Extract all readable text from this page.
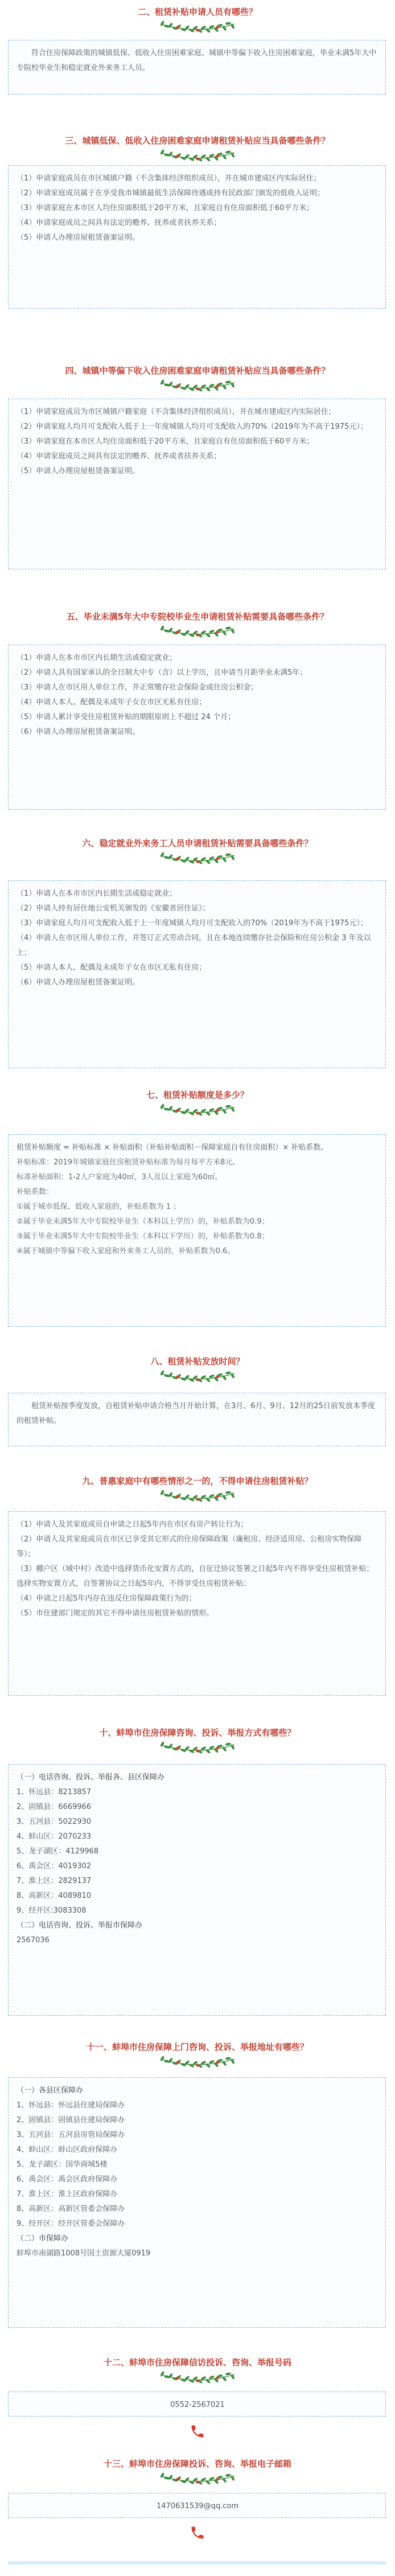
二、租赁补贴申请人员有哪些？

符合住房保障政策的城镇低保、低收入住房困难家庭、城镇中等偏下收入住房困难家庭，毕业未满5年大中专院校毕业生和稳定就业外来务工人员。

三、城镇低保、低收入住房困难家庭申请租赁补贴应当具备哪些条件？

（1）申请家庭成员在市区城镇户籍（不含集体经济组织成员），并在城市建成区内实际居住；

（2）申请家庭成员属于在享受我市城镇最低生活保障待遇或持有民政部门颁发的低收入证明；

（3）申请家庭在本市区人均住房面积低于20平方米，且家庭自有住房面积低于60平方米；

（4）申请家庭成员之间具有法定的赡养、抚养或者扶养关系；

（5）申请人办理房屋租赁备案证明。

四、城镇中等偏下收入住房困难家庭申请租赁补贴应当具备哪些条件？

（1）申请家庭成员为市区城镇户籍家庭（不含集体经济组织成员），并在城市建成区内实际居住；

（2）申请家庭人均月可支配收入低于上一年度城镇人均月可支配收入的70%（2019年为不高于1975元）；

（3）申请家庭在本市区人均住房面积低于20平方米，且家庭自有住房面积低于60平方米；

（4）申请家庭成员之间具有法定的赡养、抚养或者扶养关系；

（5）申请人办理房屋租赁备案证明。

五、毕业未满5年大中专院校毕业生申请租赁补贴需要具备哪些条件？

（1）申请人在本市市区内长期生活或稳定就业；

（2）申请人具有国家承认的全日制大中专（含）以上学历，且申请当月距毕业未满5年；

（3）申请人在市区用人单位工作，并正常缴存社会保险金或住房公积金；

（4）申请人本人、配偶及未成年子女在市区无私有住房；

（5）申请人累计享受住房租赁补贴的期限原则上不超过 24 个月；

（6）申请人办理房屋租赁备案证明。

六、稳定就业外来务工人员申请租赁补贴需要具备哪些条件？

（1）申请人在本市市区内长期生活或稳定就业；

（2）申请人持有居住地公安机关颁发的《安徽省居住证》；

（3）申请家庭人均月可支配收入低于上一年度城镇人均月可支配收入的70%（2019年为不高于1975元）；

（4）申请人在市区用人单位工作，并签订正式劳动合同，且在本地连续缴存社会保险和住房公积金 3 年及以上；

（5）申请人本人、配偶及未成年子女在市区无私有住房；

（6）申请人办理房屋租赁备案证明。

七、租赁补贴额度是多少？

租赁补贴额度 = 补贴标准 × 补贴面积（补贴补贴面积－保障家庭自有住房面积）× 补贴系数。

补贴标准：2019年城镇家庭住房租赁补贴标准为每月每平方米8元。

标准补贴面积：1-2人户家庭为40㎡，3人及以上家庭为60㎡。

补贴系数：

①属于城市低保、低收入家庭的，补贴系数为 1 ；

②属于毕业未满5年大中专院校毕业生（本科以上学历）的，补贴系数为0.9；

③属于毕业未满5年大中专院校毕业生（本科以下学历）的，补贴系数为0.8；

④属于城镇中等偏下收入家庭和外来务工人员的，补贴系数为0.6。

八、租赁补贴发放时间？

租赁补贴按季度发放，自租赁补贴申请合格当月开始计算，在3月、6月、9月、12月的25日前发放本季度的租赁补贴。

九、普惠家庭中有哪些情形之一的，不得申请住房租赁补贴？

（1）申请人及其家庭成员自申请之日起5年内在市区有房产转让行为；

（2）申请人及其家庭成员在市区已享受其它形式的住房保障政策（廉租房、经济适用房、公租房实物保障等）；

（3）棚户区（城中村）改造中选择货币化安置方式的，自征迁协议签署之日起5年内不得享受住房租赁补贴；选择实物安置方式，自签署协议之日起5年内，不得享受住房租赁补贴；

（4）申请之日起5年内存在违反住房保障政策行为的；

（5）市住建部门规定的其它不得申请住房租赁补贴的情形。

十、蚌埠市住房保障咨询、投诉、举报方式有哪些？

（一）电话咨询、投诉、举报各、县区保障办

1、怀远县：8213857

2、固镇县：6669966

3、五河县：5022930

4、蚌山区：2070233

5、龙子湖区：4129968

6、禹会区：4019302

7、淮上区：2829137

8、高新区：4089810

9、经开区:3083308

（二）电话咨询、投诉、举报市保障办

2567036

十一、蚌埠市住房保障上门咨询、投诉、举报地址有哪些？

（一）各县区保障办

1、怀远县：怀远县住建局保障办

2、固镇县：固镇县住建局保障办

3、五河县：五河县房管局保障办

4、蚌山区：蚌山区政府保障办

5、龙子湖区：国华商城5楼

6、禹会区：禹会区政府保障办

7、淮上区：淮上区政府保障办

8、高新区：高新区管委会保障办

9、经开区：经开区管委会保障办

（二）市保障办

蚌埠市南湖路1008号国土资源大厦0919

十二、蚌埠市住房保障信访投诉、咨询、举报号码

0552-2567021

十三、蚌埠市住房保障投诉、咨询、举报电子邮箱

1470631539@qq.com
